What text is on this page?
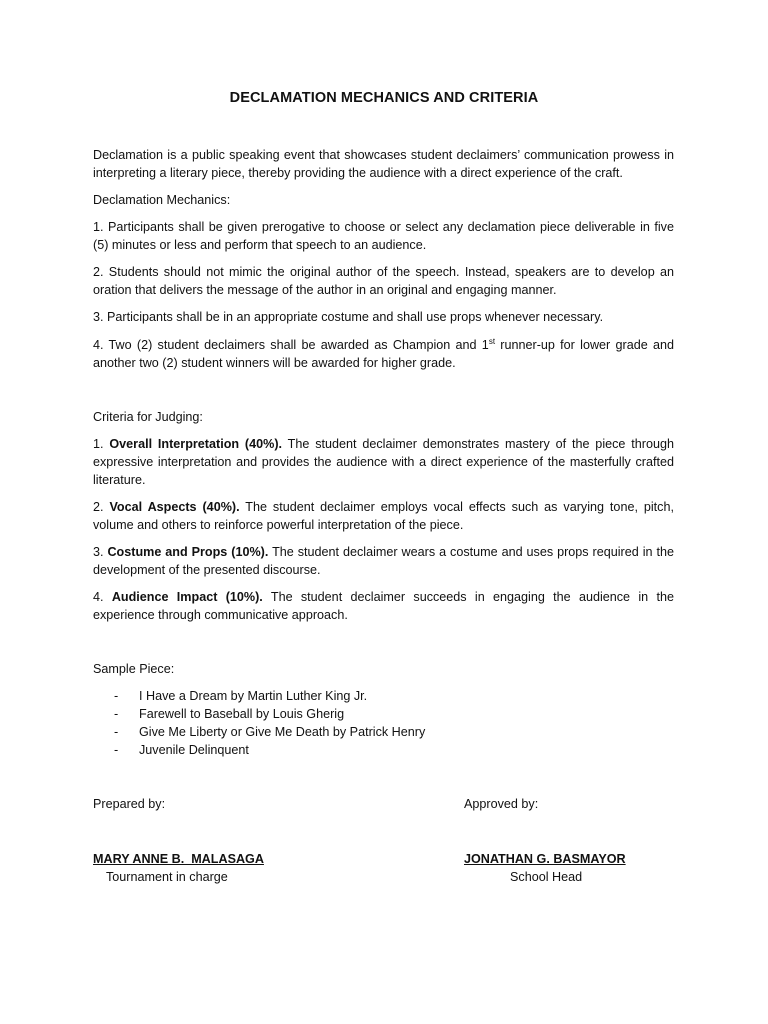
DECLAMATION MECHANICS AND CRITERIA

Declamation is a public speaking event that showcases student declaimers’ communication prowess in interpreting a literary piece, thereby providing the audience with a direct experience of the craft.

Declamation Mechanics:

1. Participants shall be given prerogative to choose or select any declamation piece deliverable in five (5) minutes or less and perform that speech to an audience.

2. Students should not mimic the original author of the speech. Instead, speakers are to develop an oration that delivers the message of the author in an original and engaging manner.

3. Participants shall be in an appropriate costume and shall use props whenever necessary.

4. Two (2) student declaimers shall be awarded as Champion and 1st runner-up for lower grade and another two (2) student winners will be awarded for higher grade.

Criteria for Judging:

1. Overall Interpretation (40%). The student declaimer demonstrates mastery of the piece through expressive interpretation and provides the audience with a direct experience of the masterfully crafted literature.

2. Vocal Aspects (40%). The student declaimer employs vocal effects such as varying tone, pitch, volume and others to reinforce powerful interpretation of the piece.

3. Costume and Props (10%). The student declaimer wears a costume and uses props required in the development of the presented discourse.

4. Audience Impact (10%). The student declaimer succeeds in engaging the audience in the experience through communicative approach.

Sample Piece:

-	I Have a Dream by Martin Luther King Jr.
-	Farewell to Baseball by Louis Gherig
-	Give Me Liberty or Give Me Death by Patrick Henry
-	Juvenile Delinquent
Prepared by:	Approved by:
MARY ANNE B.  MALASAGA
Tournament in charge
JONATHAN G. BASMAYOR
School Head
